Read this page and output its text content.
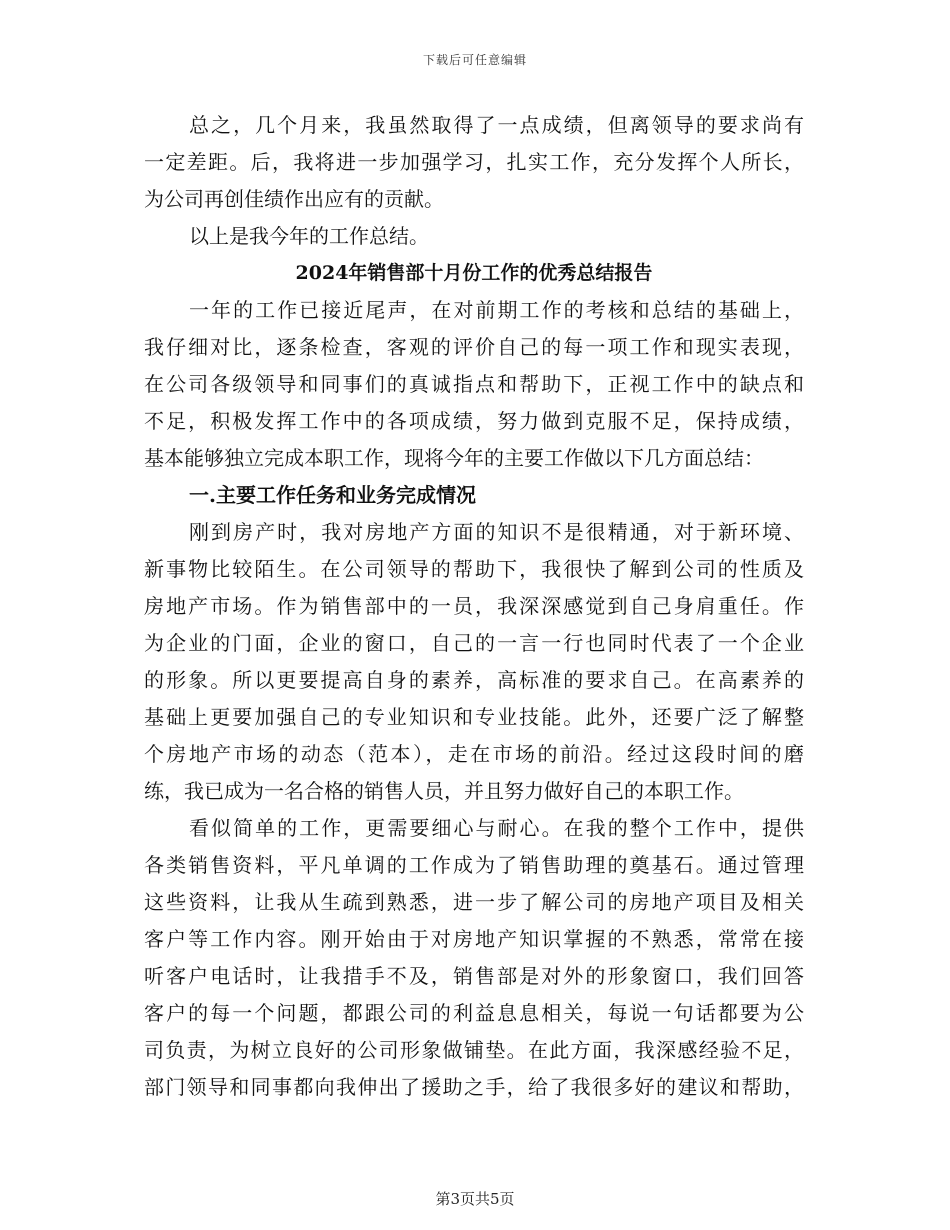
下载后可任意编辑
总之，几个月来，我虽然取得了一点成绩，但离领导的要求尚有
一定差距。后，我将进一步加强学习，扎实工作，充分发挥个人所长，
为公司再创佳绩作出应有的贡献。
以上是我今年的工作总结。
2024年销售部十月份工作的优秀总结报告
一年的工作已接近尾声，在对前期工作的考核和总结的基础上，
我仔细对比，逐条检查，客观的评价自己的每一项工作和现实表现，
在公司各级领导和同事们的真诚指点和帮助下，正视工作中的缺点和
不足，积极发挥工作中的各项成绩，努力做到克服不足，保持成绩，
基本能够独立完成本职工作，现将今年的主要工作做以下几方面总结：
一.主要工作任务和业务完成情况
刚到房产时，我对房地产方面的知识不是很精通，对于新环境、
新事物比较陌生。在公司领导的帮助下，我很快了解到公司的性质及
房地产市场。作为销售部中的一员，我深深感觉到自己身肩重任。作
为企业的门面，企业的窗口，自己的一言一行也同时代表了一个企业
的形象。所以更要提高自身的素养，高标准的要求自己。在高素养的
基础上更要加强自己的专业知识和专业技能。此外，还要广泛了解整
个房地产市场的动态（范本），走在市场的前沿。经过这段时间的磨
练，我已成为一名合格的销售人员，并且努力做好自己的本职工作。
看似简单的工作，更需要细心与耐心。在我的整个工作中，提供
各类销售资料，平凡单调的工作成为了销售助理的奠基石。通过管理
这些资料，让我从生疏到熟悉，进一步了解公司的房地产项目及相关
客户等工作内容。刚开始由于对房地产知识掌握的不熟悉，常常在接
听客户电话时，让我措手不及，销售部是对外的形象窗口，我们回答
客户的每一个问题，都跟公司的利益息息相关，每说一句话都要为公
司负责，为树立良好的公司形象做铺垫。在此方面，我深感经验不足，
部门领导和同事都向我伸出了援助之手，给了我很多好的建议和帮助，
第3页共5页
